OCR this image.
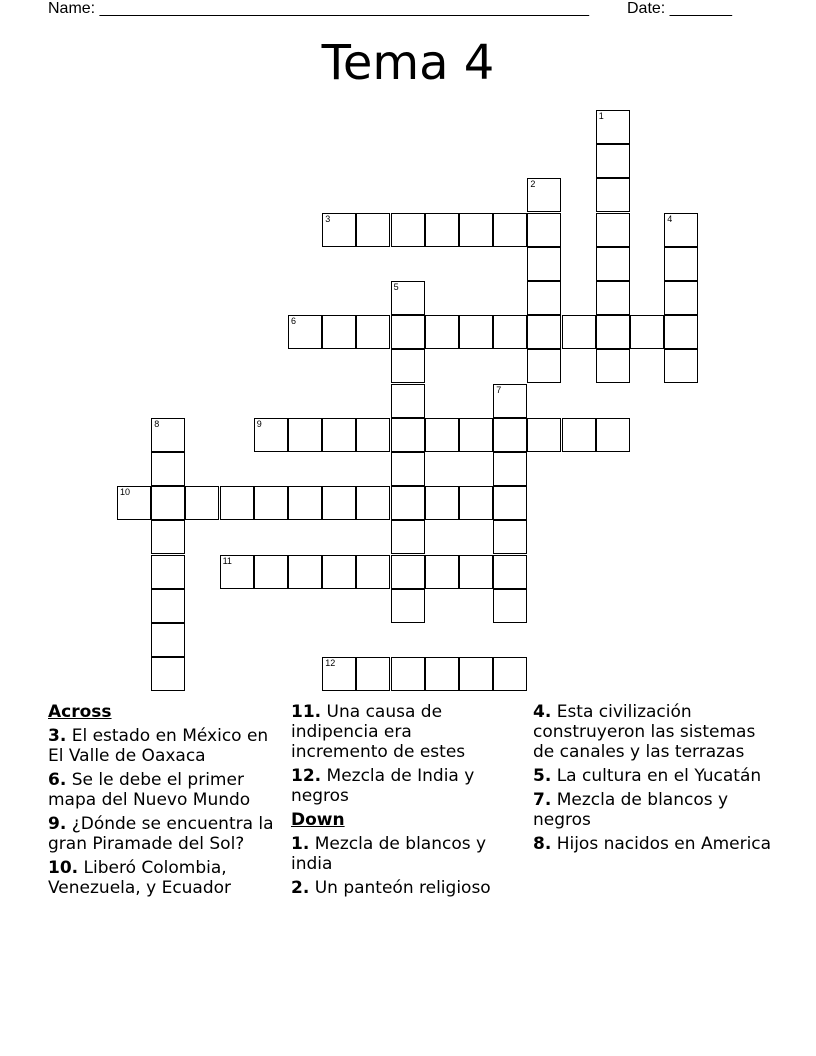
Name: _______________________________________________________ Date: _______
Tema 4
1
2
3	4
5
6
7
8	9
10
11
12
Across
3. El estado en México en El Valle de Oaxaca
6. Se le debe el primer mapa del Nuevo Mundo
9. ¿Dónde se encuentra la gran Piramade del Sol?
10. Liberó Colombia, Venezuela, y Ecuador
11. Una causa de indipencia era incremento de estes
12. Mezcla de India y negros
Down
1. Mezcla de blancos y india
2. Un panteón religioso
4. Esta civilización construyeron las sistemas de canales y las terrazas
5. La cultura en el Yucatán
7. Mezcla de blancos y negros
8. Hijos nacidos en America
